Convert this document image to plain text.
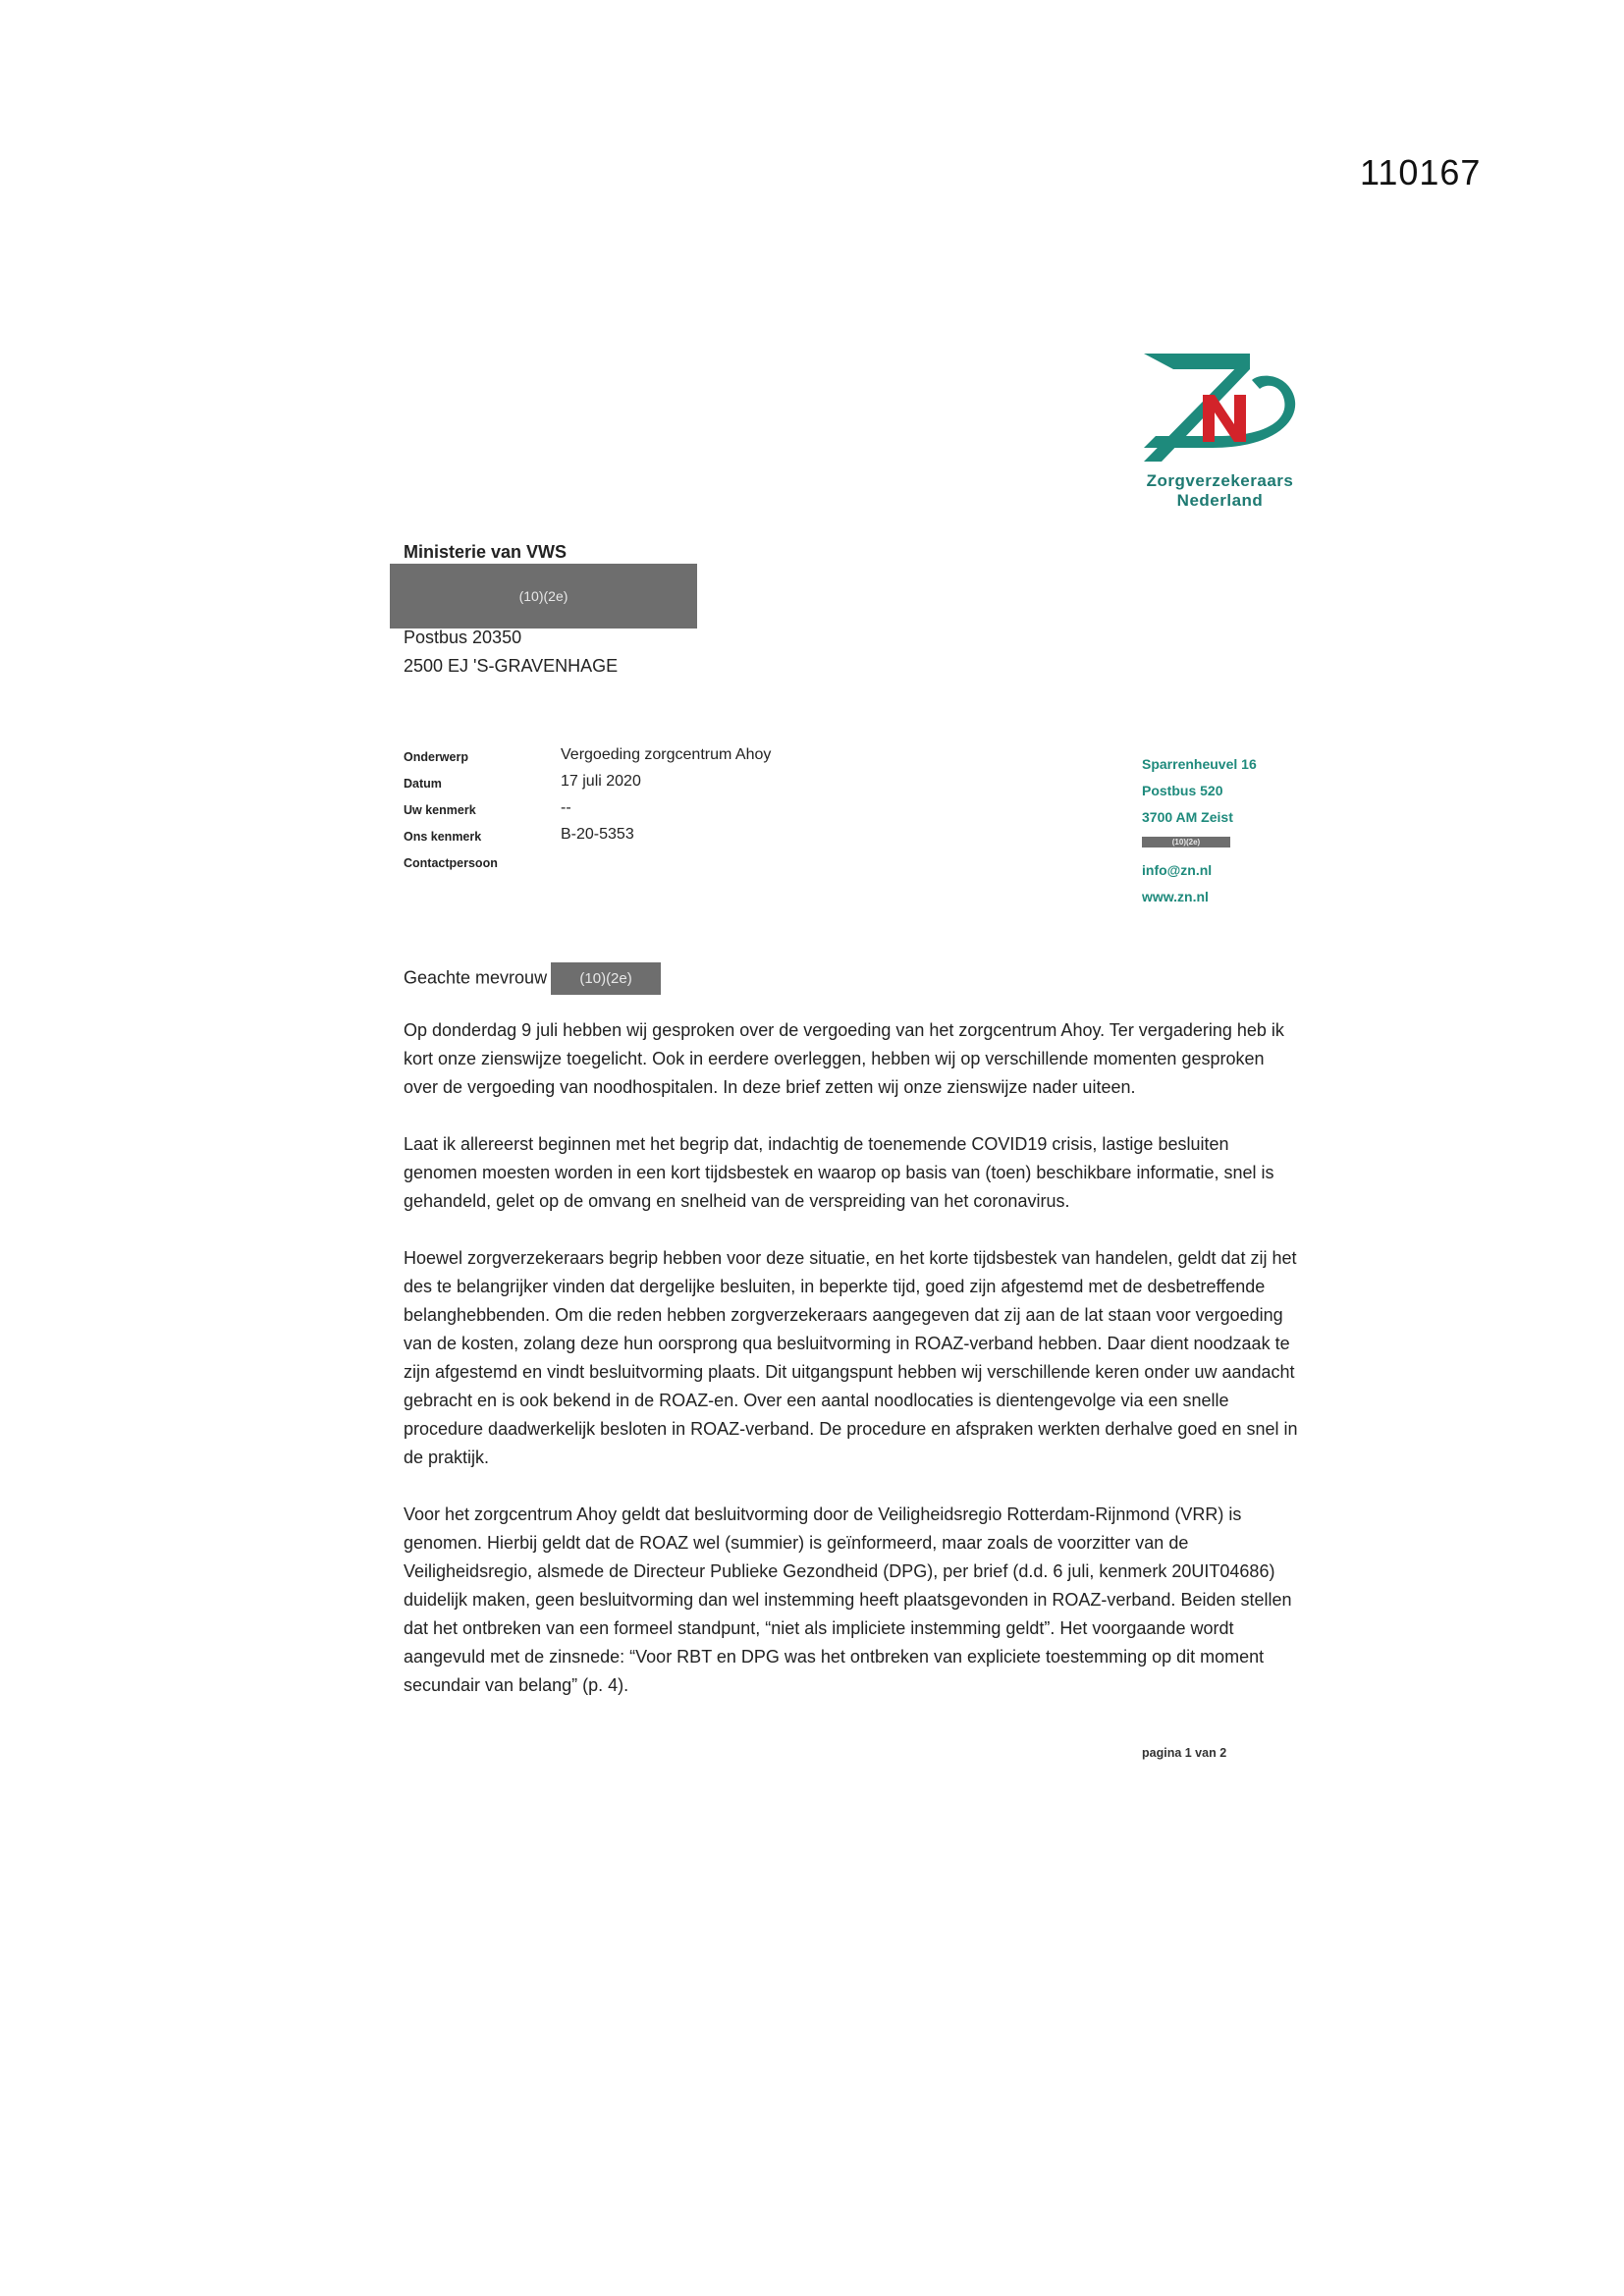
110167
Zorgverzekeraars
Nederland
Ministerie van VWS
(10)(2e)
Postbus 20350
2500 EJ 'S-GRAVENHAGE
Onderwerp	Vergoeding zorgcentrum Ahoy
Datum	17 juli 2020
Uw kenmerk	--
Ons kenmerk	B-20-5353
Contactpersoon
Sparrenheuvel 16
Postbus 520
3700 AM Zeist
(10)(2e)
info@zn.nl
www.zn.nl
Geachte mevrouw (10)(2e)

Op donderdag 9 juli hebben wij gesproken over de vergoeding van het zorgcentrum Ahoy. Ter vergadering heb ik kort onze zienswijze toegelicht. Ook in eerdere overleggen, hebben wij op verschillende momenten gesproken over de vergoeding van noodhospitalen. In deze brief zetten wij onze zienswijze nader uiteen.

Laat ik allereerst beginnen met het begrip dat, indachtig de toenemende COVID19 crisis, lastige besluiten genomen moesten worden in een kort tijdsbestek en waarop op basis van (toen) beschikbare informatie, snel is gehandeld, gelet op de omvang en snelheid van de verspreiding van het coronavirus.

Hoewel zorgverzekeraars begrip hebben voor deze situatie, en het korte tijdsbestek van handelen, geldt dat zij het des te belangrijker vinden dat dergelijke besluiten, in beperkte tijd, goed zijn afgestemd met de desbetreffende belanghebbenden. Om die reden hebben zorgverzekeraars aangegeven dat zij aan de lat staan voor vergoeding van de kosten, zolang deze hun oorsprong qua besluitvorming in ROAZ-verband hebben. Daar dient noodzaak te zijn afgestemd en vindt besluitvorming plaats. Dit uitgangspunt hebben wij verschillende keren onder uw aandacht gebracht en is ook bekend in de ROAZ-en. Over een aantal noodlocaties is dientengevolge via een snelle procedure daadwerkelijk besloten in ROAZ-verband. De procedure en afspraken werkten derhalve goed en snel in de praktijk.

Voor het zorgcentrum Ahoy geldt dat besluitvorming door de Veiligheidsregio Rotterdam-Rijnmond (VRR) is genomen. Hierbij geldt dat de ROAZ wel (summier) is geïnformeerd, maar zoals de voorzitter van de Veiligheidsregio, alsmede de Directeur Publieke Gezondheid (DPG), per brief (d.d. 6 juli, kenmerk 20UIT04686) duidelijk maken, geen besluitvorming dan wel instemming heeft plaatsgevonden in ROAZ-verband. Beiden stellen dat het ontbreken van een formeel standpunt, “niet als impliciete instemming geldt”. Het voorgaande wordt aangevuld met de zinsnede: “Voor RBT en DPG was het ontbreken van expliciete toestemming op dit moment secundair van belang” (p. 4).

pagina 1 van 2
